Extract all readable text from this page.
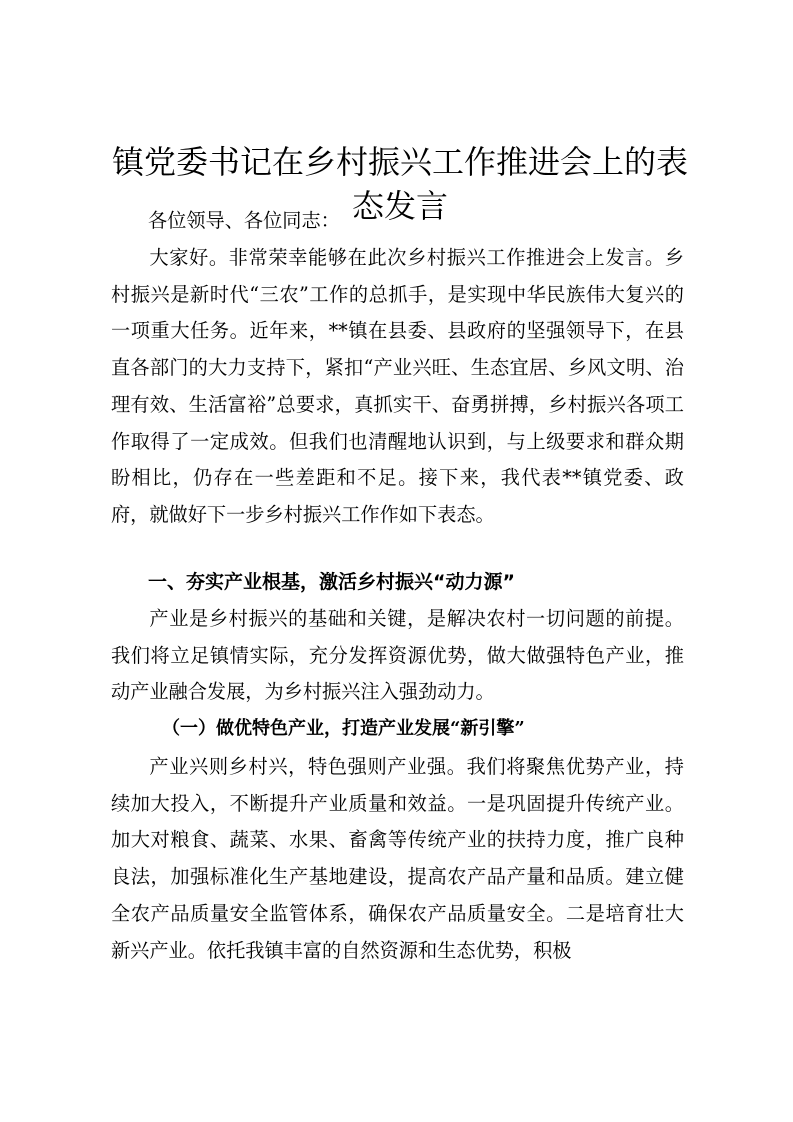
镇党委书记在乡村振兴工作推进会上的表态发言

各位领导、各位同志：

大家好。非常荣幸能够在此次乡村振兴工作推进会上发言。乡村振兴是新时代“三农”工作的总抓手，是实现中华民族伟大复兴的一项重大任务。近年来，**镇在县委、县政府的坚强领导下，在县直各部门的大力支持下，紧扣“产业兴旺、生态宜居、乡风文明、治理有效、生活富裕”总要求，真抓实干、奋勇拼搏，乡村振兴各项工作取得了一定成效。但我们也清醒地认识到，与上级要求和群众期盼相比，仍存在一些差距和不足。接下来，我代表**镇党委、政府，就做好下一步乡村振兴工作作如下表态。

一、夯实产业根基，激活乡村振兴“动力源”

产业是乡村振兴的基础和关键，是解决农村一切问题的前提。我们将立足镇情实际，充分发挥资源优势，做大做强特色产业，推动产业融合发展，为乡村振兴注入强劲动力。

（一）做优特色产业，打造产业发展“新引擎”

产业兴则乡村兴，特色强则产业强。我们将聚焦优势产业，持续加大投入，不断提升产业质量和效益。一是巩固提升传统产业。加大对粮食、蔬菜、水果、畜禽等传统产业的扶持力度，推广良种良法，加强标准化生产基地建设，提高农产品产量和品质。建立健全农产品质量安全监管体系，确保农产品质量安全。二是培育壮大新兴产业。依托我镇丰富的自然资源和生态优势，积极
